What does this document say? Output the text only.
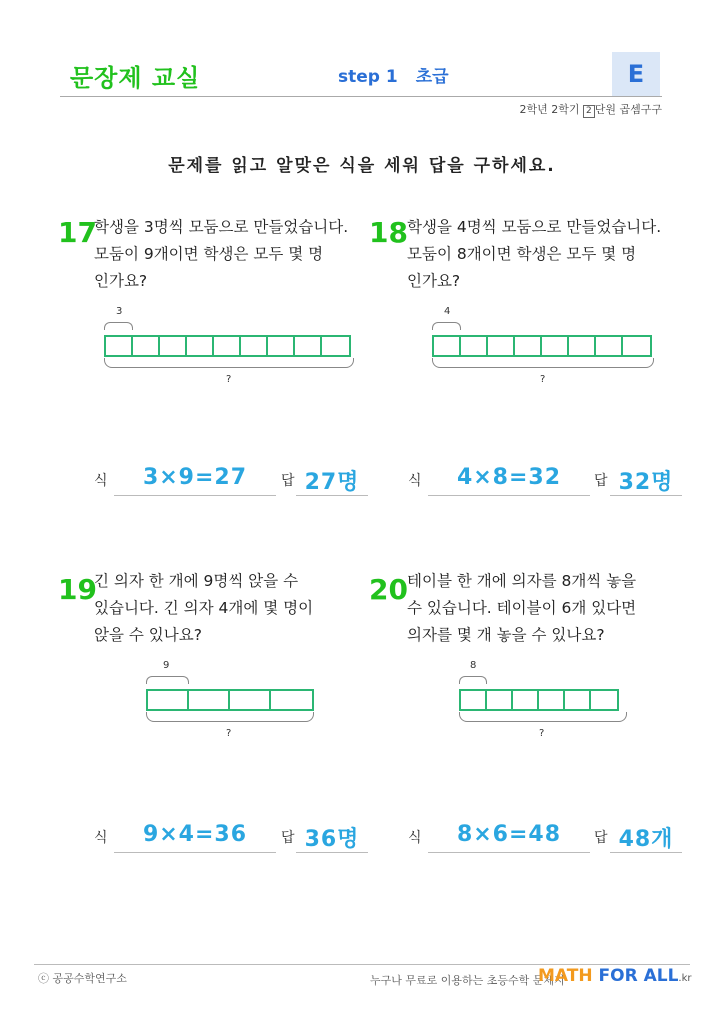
문장제 교실	step 1 초급	E
2학년 2학기 2 단원 곱셈구구
문제를 읽고 알맞은 식을 세워 답을 구하세요.
17
학생을 3명씩 모둠으로 만들었습니다.
모둠이 9개이면 학생은 모두 몇 명
인가요?
3
?
식	3×9=27	답 27명
18 학생을 4명씩 모둠으로 만들었습니다.
모둠이 8개이면 학생은 모두 몇 명
인가요?
4
?
식	4×8=32	답 32명
19
긴 의자 한 개에 9명씩 앉을 수
있습니다. 긴 의자 4개에 몇 명이
앉을 수 있나요?
9
?
식	9×4=36	답 36명
20 테이블 한 개에 의자를 8개씩 놓을
수 있습니다. 테이블이 6개 있다면
의자를 몇 개 놓을 수 있나요?
8
?
식	8×6=48	답 48개
ⓒ 공공수학연구소	누구나 무료로 이용하는 초등수학 문제지
MATH FOR ALL.kr
